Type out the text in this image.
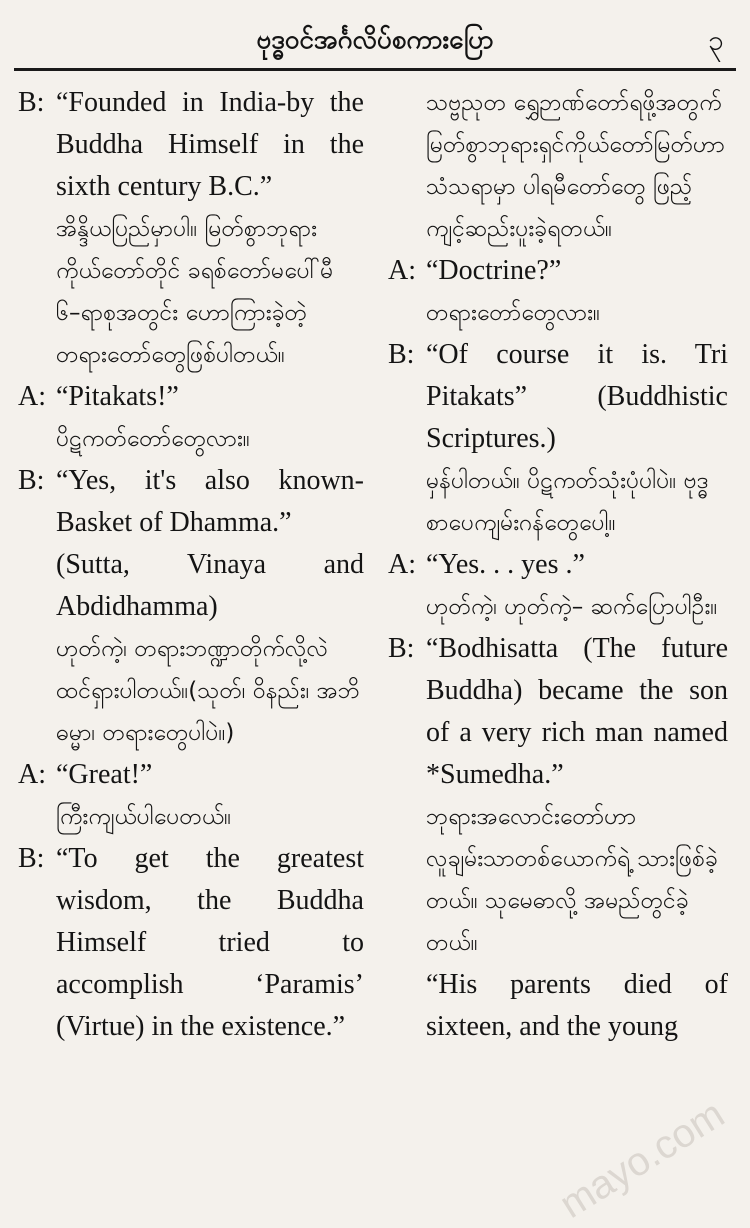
ဗုဒ္ဓဝင်အင်္ဂလိပ်စကားပြော	၃
B: “Founded in India-by the Buddha Himself in the sixth century B.C.”

အိန္ဒိယပြည်မှာပါ။ မြတ်စွာဘုရားကိုယ်တော်တိုင် ခရစ်တော်မပေါ်မီ ၆–ရာစုအတွင်း ဟောကြားခဲ့တဲ့ တရားတော်တွေဖြစ်ပါတယ်။

A: “Pitakats!”

ပိဋကတ်တော်တွေလား။

B: “Yes, it's also known-Basket of Dhamma.”

(Sutta, Vinaya and Abdidhamma)

ဟုတ်ကဲ့၊ တရားဘဏ္ဍာတိုက်လို့လဲ ထင်ရှားပါတယ်။(သုတ်၊ ဝိနည်း၊ အဘိဓမ္မာ၊ တရားတွေပါပဲ။)

A: “Great!”

ကြီးကျယ်ပါပေတယ်။

B: “To get the greatest wisdom, the Buddha Himself tried to accomplish ‘Paramis’ (Virtue) in the existence.”

သဗ္ဗညုတ ရွှေဉာဏ်တော်ရဖို့အတွက် မြတ်စွာဘုရားရှင်ကိုယ်တော်မြတ်ဟာ သံသရာမှာ ပါရမီတော်တွေ ဖြည့်ကျင့်ဆည်းပူးခဲ့ရတယ်။

A: “Doctrine?”

တရားတော်တွေလား။

B: “Of course it is. Tri Pitakats” (Buddhistic Scriptures.)

မှန်ပါတယ်။ ပိဋကတ်သုံးပုံပါပဲ။ ဗုဒ္ဓစာပေကျမ်းဂန်တွေပေါ့။

A: “Yes. . . yes .”

ဟုတ်ကဲ့၊ ဟုတ်ကဲ့– ဆက်ပြောပါဦး။

B: “Bodhisatta (The future Buddha) became the son of a very rich man named *Sumedha.”

ဘုရားအလောင်းတော်ဟာ လူချမ်းသာတစ်ယောက်ရဲ့ သားဖြစ်ခဲ့တယ်။ သုမေဓာလို့ အမည်တွင်ခဲ့တယ်။

“His parents died of sixteen, and the young

mayo.com
